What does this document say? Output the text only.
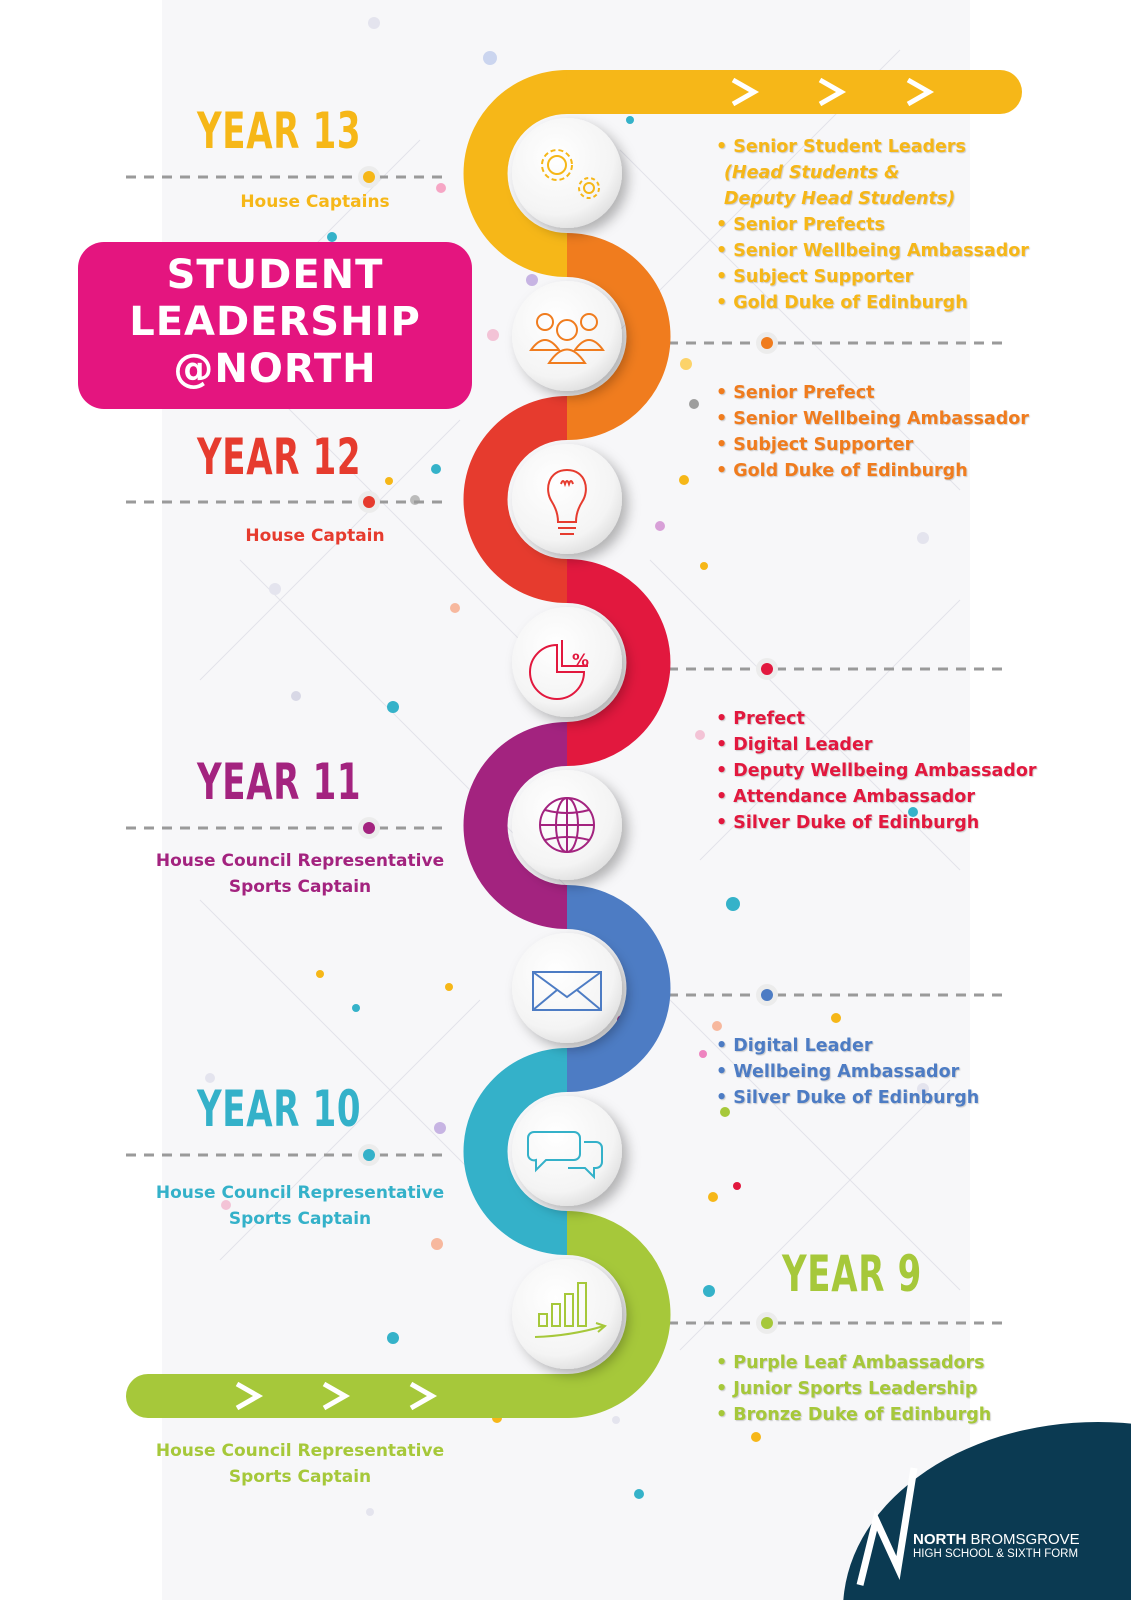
%
YEAR 13
House Captains
STUDENT
LEADERSHIP
@NORTH
YEAR 12
House Captain
YEAR 11
House Council Representative
Sports Captain
YEAR 10
House Council Representative
Sports Captain
YEAR 9
House Council Representative
Sports Captain
• Senior Student Leaders
(Head Students &
Deputy Head Students)
• Senior Prefects
• Senior Wellbeing Ambassador
• Subject Supporter
• Gold Duke of Edinburgh
• Senior Prefect
• Senior Wellbeing Ambassador
• Subject Supporter
• Gold Duke of Edinburgh
• Prefect
• Digital Leader
• Deputy Wellbeing Ambassador
• Attendance Ambassador
• Silver Duke of Edinburgh
• Digital Leader
• Wellbeing Ambassador
• Silver Duke of Edinburgh
• Purple Leaf Ambassadors
• Junior Sports Leadership
• Bronze Duke of Edinburgh
NORTH BROMSGROVE
HIGH SCHOOL & SIXTH FORM
